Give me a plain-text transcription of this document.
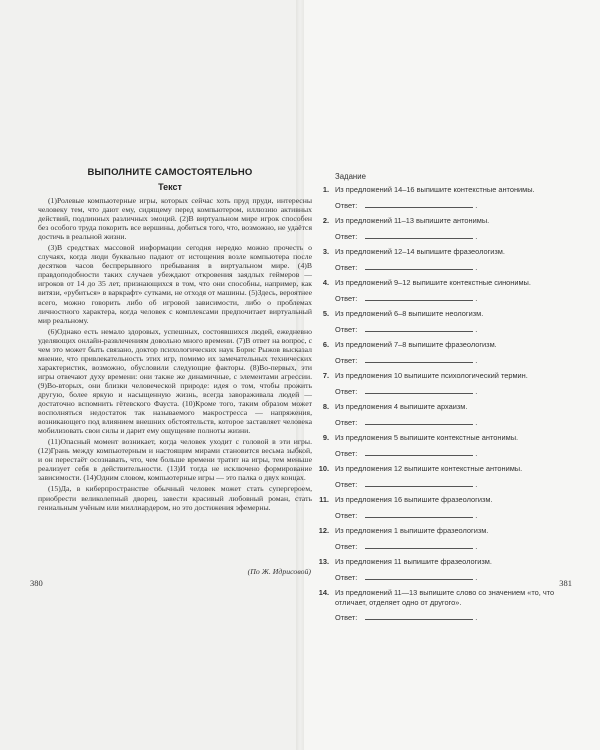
ВЫПОЛНИТЕ САМОСТОЯТЕЛЬНО
Текст

(1)Ролевые компьютерные игры, которых сейчас хоть пруд пруди, интересны человеку тем, что дают ему, сидящему перед компьютером, иллюзию активных действий, подлинных различных эмоций. (2)В виртуальном мире игрок способен без особого труда покорить все вершины, добиться того, что, возможно, не удаётся достичь в реальной жизни.

(3)В средствах массовой информации сегодня нередко можно прочесть о случаях, когда люди буквально падают от истощения возле компьютера после десятков часов беспрерывного пребывания в виртуальном мире. (4)В правдоподобности таких случаев убеждают откровения заядлых геймеров — игроков от 14 до 35 лет, признающихся в том, что они способны, например, как витязи, «рубиться» в варкрафт» сутками, не отходя от машины. (5)Здесь, вероятнее всего, можно говорить либо об игровой зависимости, либо о проблемах личностного характера, когда человек с комплексами предпочитает виртуальный мир реальному.

(6)Однако есть немало здоровых, успешных, состоявшихся людей, ежедневно уделяющих онлайн-развлечениям довольно много времени. (7)В ответ на вопрос, с чем это может быть связано, доктор психологических наук Борис Рыжов высказал мнение, что привлекательность этих игр, помимо их замечательных технических характеристик, возможно, обусловили следующие факторы. (8)Во-первых, эти игры отвечают духу времени: они также же динамичные, с элементами агрессии. (9)Во-вторых, они близки человеческой природе: идея о том, чтобы прожить другую, более яркую и насыщенную жизнь, всегда завораживала людей — достаточно вспомнить гётевского Фауста. (10)Кроме того, таким образом может восполняться недостаток так называемого макростресса — напряжения, возникающего под влиянием внешних обстоятельств, которое заставляет человека мобилизовать свои силы и дарит ему ощущение полноты жизни.

(11)Опасный момент возникает, когда человек уходит с головой в эти игры. (12)Грань между компьютерным и настоящим мирами становится весьма зыбкой, и он перестаёт осознавать, что, чем больше времени тратит на игры, тем меньше реализует себя в действительности. (13)И тогда не исключено формирование зависимости. (14)Одним словом, компьютерные игры — это палка о двух концах.

(15)Да, в киберпространстве обычный человек может стать супергероем, приобрести великолепный дворец, завести красивый любовный роман, стать гениальным учёным или миллиардером, но это достижения эфемерны.

(По Ж. Идрисовой)
380	381
Задание
1. Из предложений 14–16 выпишите контекстные антонимы.
Ответ:	.
2. Из предложений 11–13 выпишите антонимы.
Ответ:	.
3. Из предложений 12–14 выпишите фразеологизм.
Ответ:	.
4. Из предложений 9–12 выпишите контекстные синонимы.
Ответ:	.
5. Из предложений 6–8 выпишите неологизм.
Ответ:	.
6. Из предложений 7–8 выпишите фразеологизм.
Ответ:	.
7. Из предложения 10 выпишите психологический термин.
Ответ:	.
8. Из предложения 4 выпишите архаизм.
Ответ:	.
9. Из предложения 5 выпишите контекстные антонимы.
Ответ:	.
10. Из предложения 12 выпишите контекстные антонимы.
Ответ:	.
11. Из предложения 16 выпишите фразеологизм.
Ответ:	.
12. Из предложения 1 выпишите фразеологизм.
Ответ:	.
13. Из предложения 11 выпишите фразеологизм.
Ответ:	.
14. Из предложений 11—13 выпишите слово со значением «то, что отличает, отделяет одно от другого».
Ответ:	.
